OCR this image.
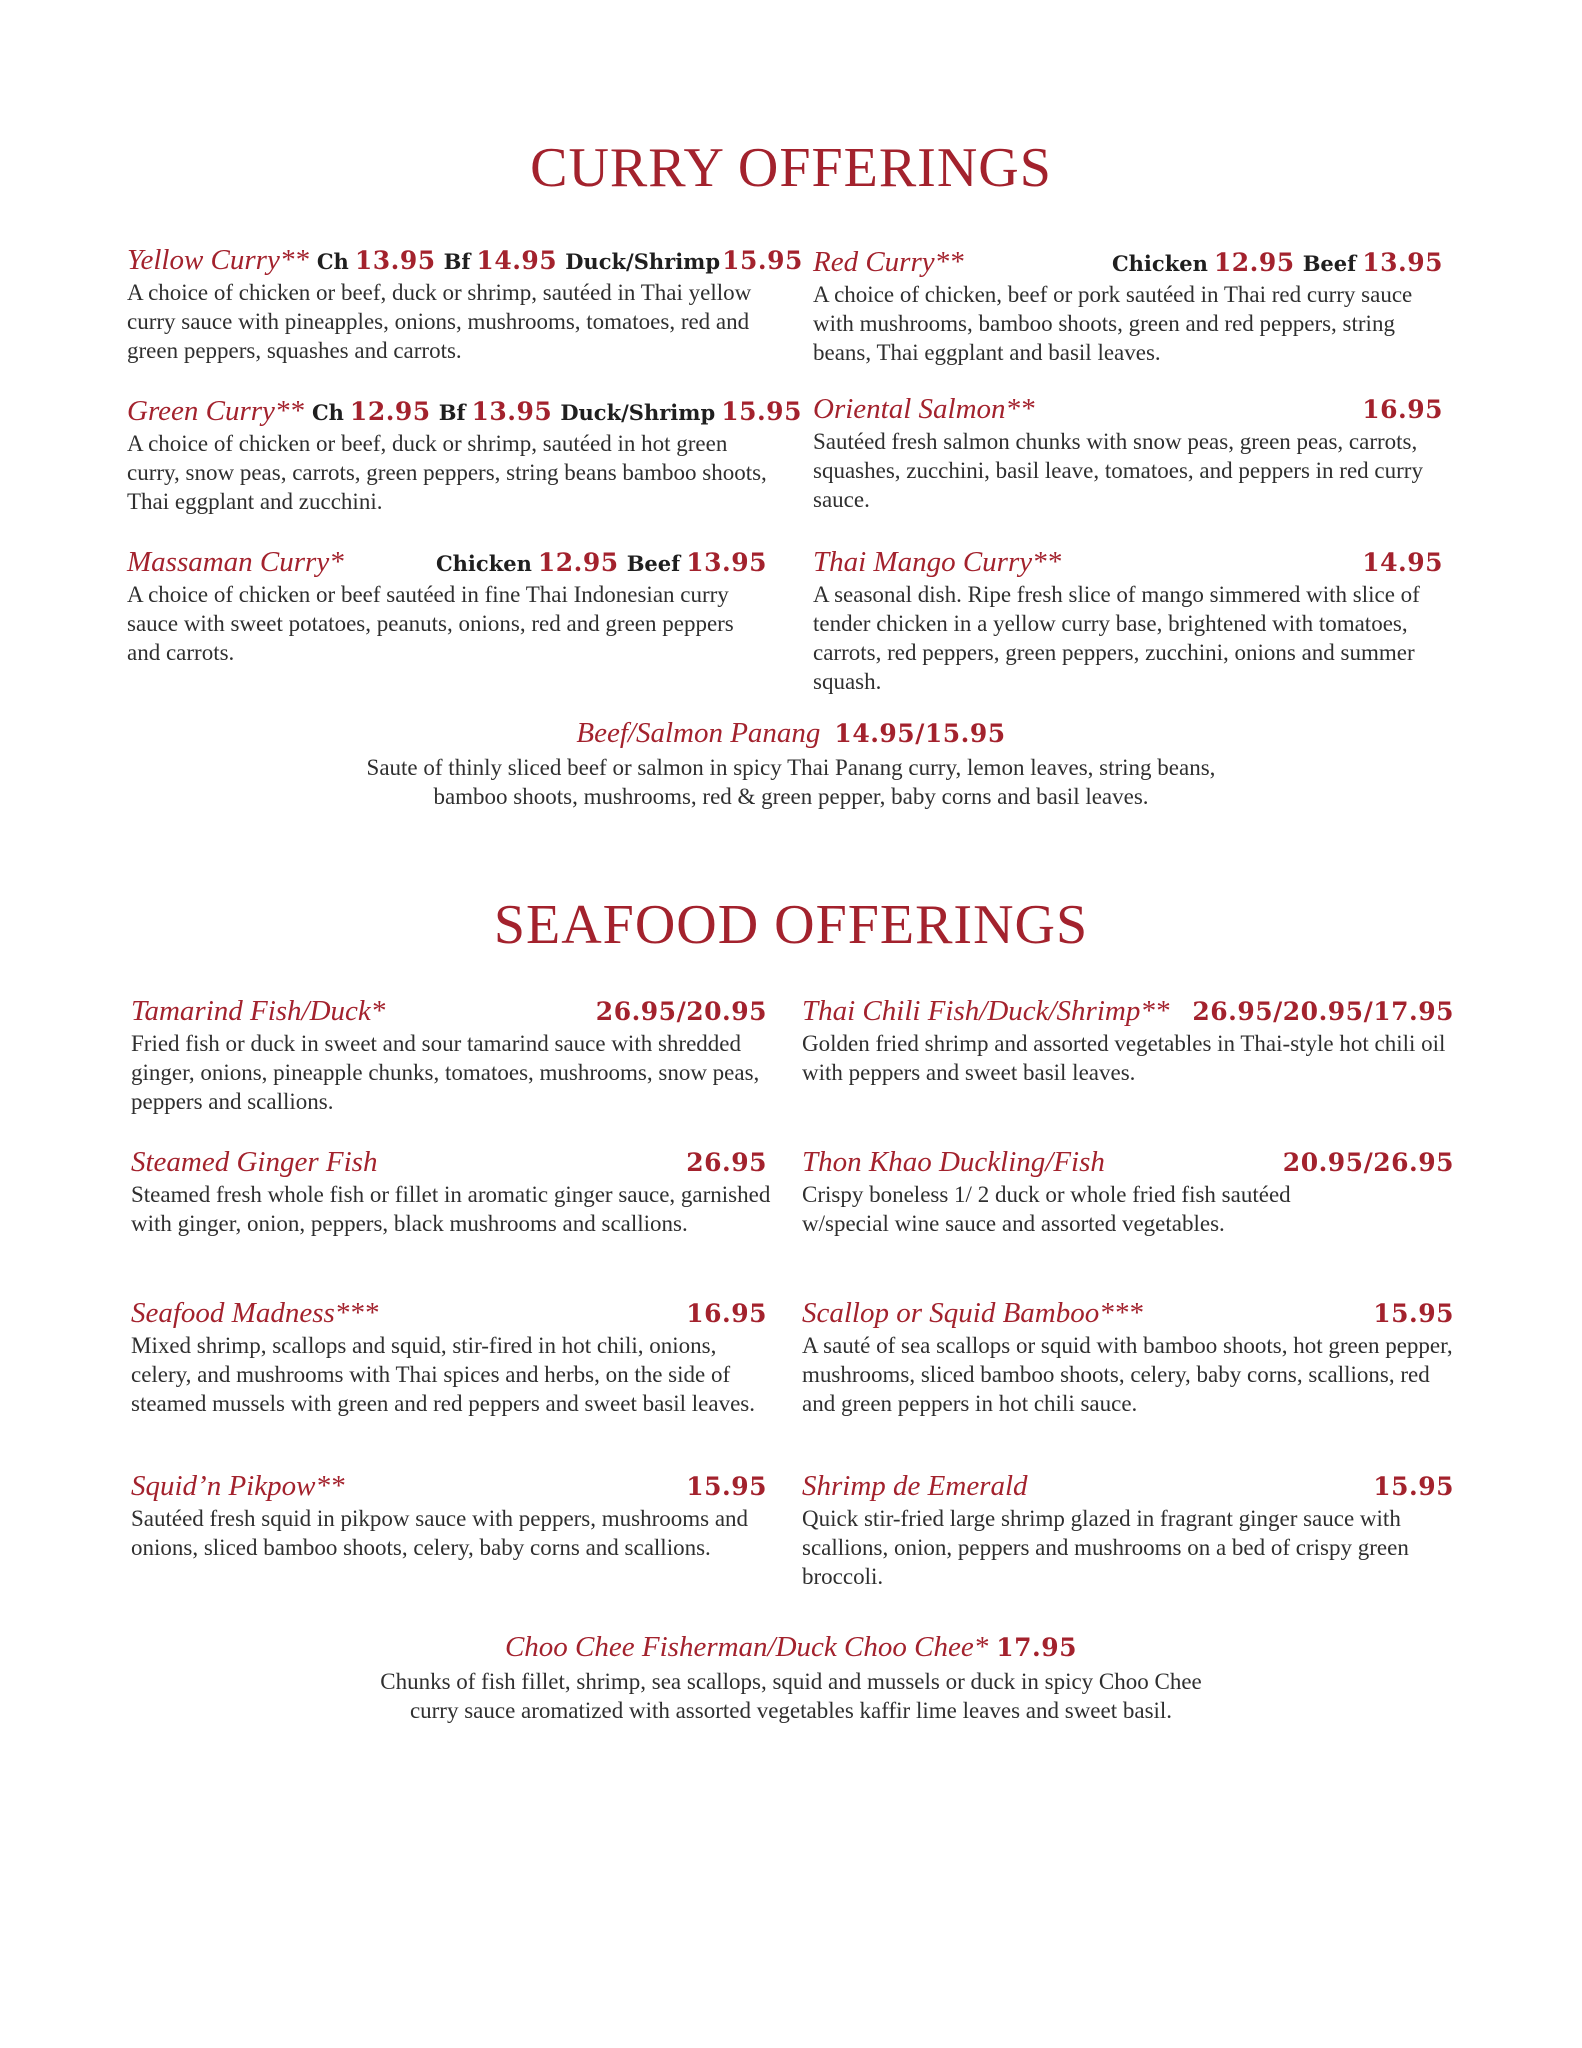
CURRY OFFERINGS
Yellow Curry** Ch 13.95 Bf 14.95 Duck/Shrimp 15.95

A choice of chicken or beef, duck or shrimp, sautéed in Thai yellow curry sauce with pineapples, onions, mushrooms, tomatoes, red and green peppers, squashes and carrots.

Red Curry**	Chicken 12.95 Beef 13.95

A choice of chicken, beef or pork sautéed in Thai red curry sauce with mushrooms, bamboo shoots, green and red peppers, string beans, Thai eggplant and basil leaves.

Green Curry** Ch 12.95 Bf 13.95 Duck/Shrimp 15.95

A choice of chicken or beef, duck or shrimp, sautéed in hot green curry, snow peas, carrots, green peppers, string beans bamboo shoots, Thai eggplant and zucchini.

Oriental Salmon**	16.95

Sautéed fresh salmon chunks with snow peas, green peas, carrots, squashes, zucchini, basil leave, tomatoes, and peppers in red curry sauce.

Massaman Curry*	Chicken 12.95 Beef 13.95

A choice of chicken or beef sautéed in fine Thai Indonesian curry sauce with sweet potatoes, peanuts, onions, red and green peppers and carrots.

Thai Mango Curry**	14.95

A seasonal dish. Ripe fresh slice of mango simmered with slice of tender chicken in a yellow curry base, brightened with tomatoes, carrots, red peppers, green peppers, zucchini, onions and summer squash.

Beef/Salmon Panang 14.95/15.95

Saute of thinly sliced beef or salmon in spicy Thai Panang curry, lemon leaves, string beans,

bamboo shoots, mushrooms, red & green pepper, baby corns and basil leaves.

SEAFOOD OFFERINGS
Tamarind Fish/Duck*	26.95/20.95

Fried fish or duck in sweet and sour tamarind sauce with shredded ginger, onions, pineapple chunks, tomatoes, mushrooms, snow peas, peppers and scallions.

Thai Chili Fish/Duck/Shrimp** 26.95/20.95/17.95

Golden fried shrimp and assorted vegetables in Thai-style hot chili oil with peppers and sweet basil leaves.

Steamed Ginger Fish	26.95

Steamed fresh whole fish or fillet in aromatic ginger sauce, garnished with ginger, onion, peppers, black mushrooms and scallions.

Thon Khao Duckling/Fish	20.95/26.95

Crispy boneless 1/ 2 duck or whole fried fish sautéed w/special wine sauce and assorted vegetables.

Seafood Madness***	16.95

Mixed shrimp, scallops and squid, stir-fired in hot chili, onions, celery, and mushrooms with Thai spices and herbs, on the side of steamed mussels with green and red peppers and sweet basil leaves.

Scallop or Squid Bamboo***	15.95

A sauté of sea scallops or squid with bamboo shoots, hot green pepper, mushrooms, sliced bamboo shoots, celery, baby corns, scallions, red and green peppers in hot chili sauce.

Squid’n Pikpow**	15.95

Sautéed fresh squid in pikpow sauce with peppers, mushrooms and onions, sliced bamboo shoots, celery, baby corns and scallions.

Shrimp de Emerald	15.95

Quick stir-fried large shrimp glazed in fragrant ginger sauce with scallions, onion, peppers and mushrooms on a bed of crispy green broccoli.

Choo Chee Fisherman/Duck Choo Chee* 17.95

Chunks of fish fillet, shrimp, sea scallops, squid and mussels or duck in spicy Choo Chee

curry sauce aromatized with assorted vegetables kaffir lime leaves and sweet basil.
